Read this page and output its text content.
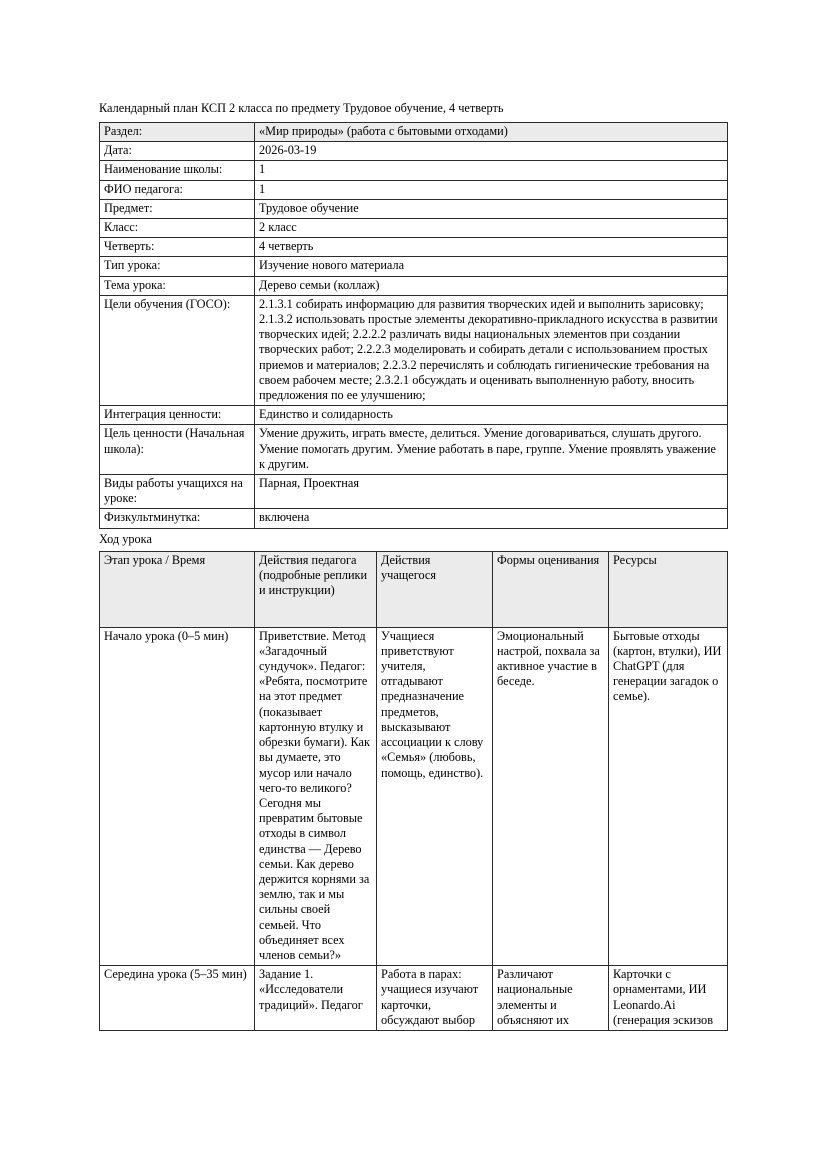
Календарный план КСП 2 класса по предмету Трудовое обучение, 4 четверть

Раздел:	«Мир природы» (работа с бытовыми отходами)
Дата:	2026-03-19
Наименование школы:	1
ФИО педагога:	1
Предмет:	Трудовое обучение
Класс:	2 класс
Четверть:	4 четверть
Тип урока:	Изучение нового материала
Тема урока:	Дерево семьи (коллаж)
Цели обучения (ГОСО):	2.1.3.1 собирать информацию для развития творческих идей и выполнить зарисовку; 2.1.3.2 использовать простые элементы декоративно-прикладного искусства в развитии творческих идей; 2.2.2.2 различать виды национальных элементов при создании творческих работ; 2.2.2.3 моделировать и собирать детали с использованием простых приемов и материалов; 2.2.3.2 перечислять и соблюдать гигиенические требования на своем рабочем месте; 2.3.2.1 обсуждать и оценивать выполненную работу, вносить предложения по ее улучшению;
Интеграция ценности:	Единство и солидарность
Цель ценности (Начальная школа):	Умение дружить, играть вместе, делиться. Умение договариваться, слушать другого. Умение помогать другим. Умение работать в паре, группе. Умение проявлять уважение к другим.
Виды работы учащихся на уроке:	Парная, Проектная
Физкультминутка:	включена

Ход урока

Этап урока / Время	Действия педагога (подробные реплики и инструкции)	Действия учащегося	Формы оценивания	Ресурсы
Начало урока (0–5 мин)	Приветствие. Метод «Загадочный сундучок». Педагог: «Ребята, посмотрите на этот предмет (показывает картонную втулку и обрезки бумаги). Как вы думаете, это мусор или начало чего-то великого? Сегодня мы превратим бытовые отходы в символ единства — Дерево семьи. Как дерево держится корнями за землю, так и мы сильны своей семьей. Что объединяет всех членов семьи?»	Учащиеся приветствуют учителя, отгадывают предназначение предметов, высказывают ассоциации к слову «Семья» (любовь, помощь, единство).	Эмоциональный настрой, похвала за активное участие в беседе.	Бытовые отходы (картон, втулки), ИИ ChatGPT (для генерации загадок о семье).
Середина урока (5–35 мин)	Задание 1. «Исследователи традиций». Педагог	Работа в парах: учащиеся изучают карточки, обсуждают выбор	Различают национальные элементы и объясняют их	Карточки с орнаментами, ИИ Leonardo.Ai (генерация эскизов
